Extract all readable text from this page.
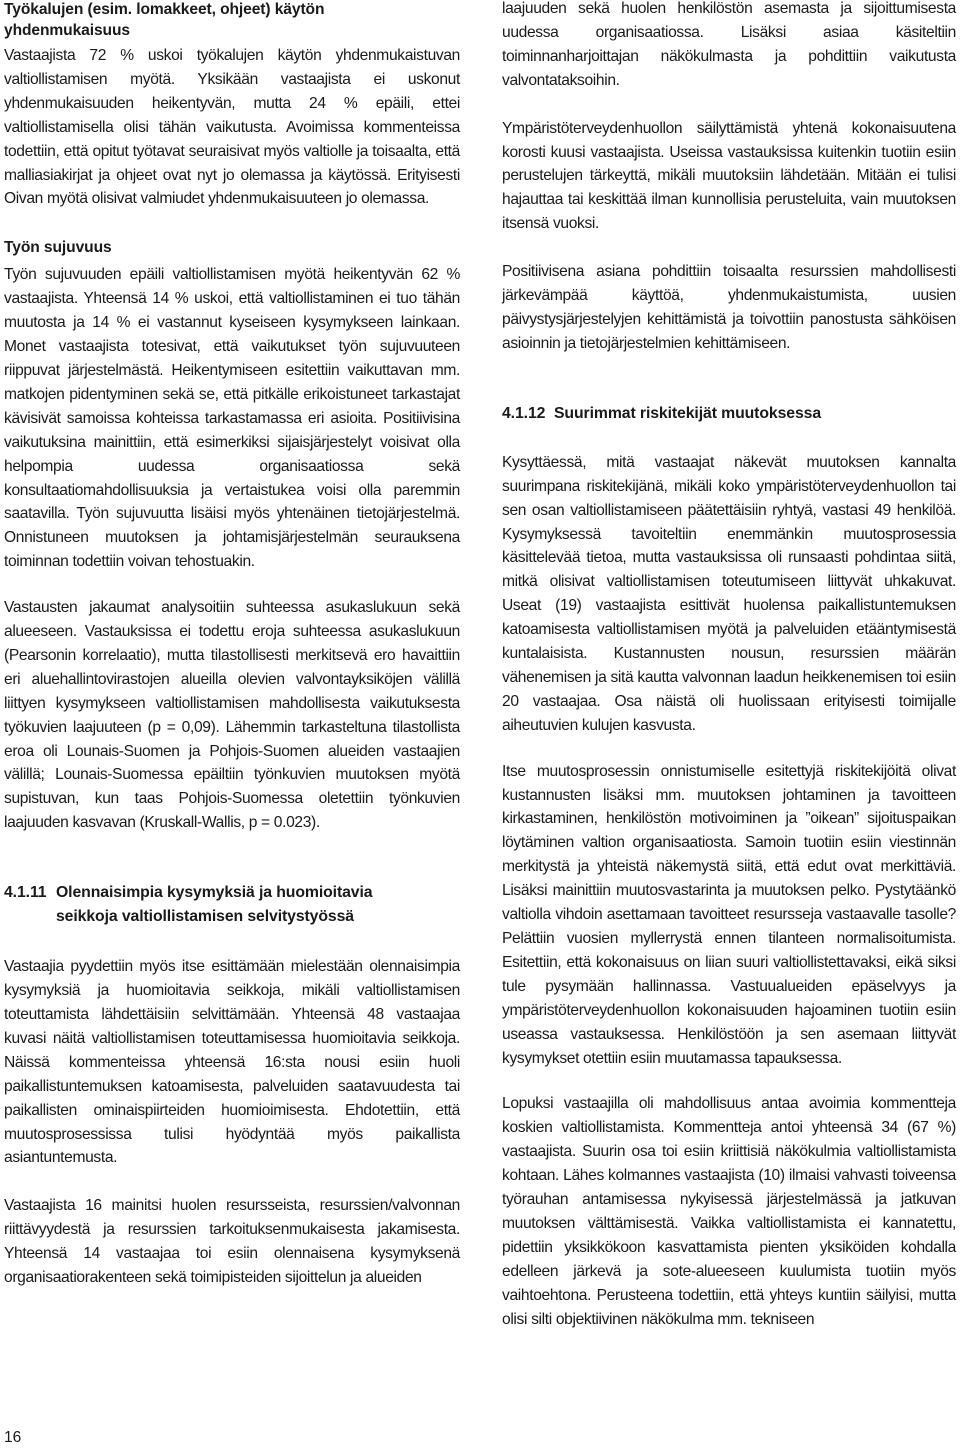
Työkalujen (esim. lomakkeet, ohjeet) käytön
yhdenmukaisuus

Vastaajista 72 % uskoi työkalujen käytön yhdenmukaistuvan valtiollistamisen myötä. Yksikään vastaajista ei uskonut yhdenmukaisuuden heikentyvän, mutta 24 % epäili, ettei valtiollistamisella olisi tähän vaikutusta. Avoimissa kommenteissa todettiin, että opitut työtavat seuraisivat myös valtiolle ja toisaalta, että malliasiakirjat ja ohjeet ovat nyt jo olemassa ja käytössä. Erityisesti Oivan myötä olisivat valmiudet yhdenmukaisuuteen jo olemassa.

Työn sujuvuus

Työn sujuvuuden epäili valtiollistamisen myötä heikentyvän 62 % vastaajista. Yhteensä 14 % uskoi, että valtiollistaminen ei tuo tähän muutosta ja 14 % ei vastannut kyseiseen kysymykseen lainkaan. Monet vastaajista totesivat, että vaikutukset työn sujuvuuteen riippuvat järjestelmästä. Heikentymiseen esitettiin vaikuttavan mm. matkojen pidentyminen sekä se, että pitkälle erikoistuneet tarkastajat kävisivät samoissa kohteissa tarkastamassa eri asioita. Positiivisina vaikutuksina mainittiin, että esimerkiksi sijaisjärjestelyt voisivat olla helpompia uudessa organisaatiossa sekä konsultaatiomahdollisuuksia ja vertaistukea voisi olla paremmin saatavilla. Työn sujuvuutta lisäisi myös yhtenäinen tietojärjestelmä. Onnistuneen muutoksen ja johtamisjärjestelmän seurauksena toiminnan todettiin voivan tehostuakin.

Vastausten jakaumat analysoitiin suhteessa asukaslukuun sekä alueeseen. Vastauksissa ei todettu eroja suhteessa asukaslukuun (Pearsonin korrelaatio), mutta tilastollisesti merkitsevä ero havaittiin eri aluehallintovirastojen alueilla olevien valvontayksiköjen välillä liittyen kysymykseen valtiollistamisen mahdollisesta vaikutuksesta työkuvien laajuuteen (p = 0,09). Lähemmin tarkasteltuna tilastollista eroa oli Lounais-Suomen ja Pohjois-Suomen alueiden vastaajien välillä; Lounais-Suomessa epäiltiin työnkuvien muutoksen myötä supistuvan, kun taas Pohjois-Suomessa oletettiin työnkuvien laajuuden kasvavan (Kruskall-Wallis, p = 0.023).

4.1.11 Olennaisimpia kysymyksiä ja huomioitavia
seikkoja valtiollistamisen selvitystyössä

Vastaajia pyydettiin myös itse esittämään mielestään olennaisimpia kysymyksiä ja huomioitavia seikkoja, mikäli valtiollistamisen toteuttamista lähdettäisiin selvittämään. Yhteensä 48 vastaajaa kuvasi näitä valtiollistamisen toteuttamisessa huomioitavia seikkoja. Näissä kommenteissa yhteensä 16:sta nousi esiin huoli paikallistuntemuksen katoamisesta, palveluiden saatavuudesta tai paikallisten ominaispiirteiden huomioimisesta. Ehdotettiin, että muutosprosessissa tulisi hyödyntää myös paikallista asiantuntemusta.

Vastaajista 16 mainitsi huolen resursseista, resurssien/valvonnan riittävyydestä ja resurssien tarkoituksenmukaisesta jakamisesta. Yhteensä 14 vastaajaa toi esiin olennaisena kysymyksenä organisaatiorakenteen sekä toimipisteiden sijoittelun ja alueiden

laajuuden sekä huolen henkilöstön asemasta ja sijoittumisesta uudessa organisaatiossa. Lisäksi asiaa käsiteltiin toiminnanharjoittajan näkökulmasta ja pohdittiin vaikutusta valvontataksoihin.

Ympäristöterveydenhuollon säilyttämistä yhtenä kokonaisuutena korosti kuusi vastaajista. Useissa vastauksissa kuitenkin tuotiin esiin perustelujen tärkeyttä, mikäli muutoksiin lähdetään. Mitään ei tulisi hajauttaa tai keskittää ilman kunnollisia perusteluita, vain muutoksen itsensä vuoksi.

Positiivisena asiana pohdittiin toisaalta resurssien mahdollisesti järkevämpää käyttöä, yhdenmukaistumista, uusien päivystysjärjestelyjen kehittämistä ja toivottiin panostusta sähköisen asioinnin ja tietojärjestelmien kehittämiseen.

4.1.12 Suurimmat riskitekijät muutoksessa

Kysyttäessä, mitä vastaajat näkevät muutoksen kannalta suurimpana riskitekijänä, mikäli koko ympäristöterveydenhuollon tai sen osan valtiollistamiseen päätettäisiin ryhtyä, vastasi 49 henkilöä. Kysymyksessä tavoiteltiin enemmänkin muutosprosessia käsittelevää tietoa, mutta vastauksissa oli runsaasti pohdintaa siitä, mitkä olisivat valtiollistamisen toteutumiseen liittyvät uhkakuvat. Useat (19) vastaajista esittivät huolensa paikallistuntemuksen katoamisesta valtiollistamisen myötä ja palveluiden etääntymisestä kuntalaisista. Kustannusten nousun, resurssien määrän vähenemisen ja sitä kautta valvonnan laadun heikkenemisen toi esiin 20 vastaajaa. Osa näistä oli huolissaan erityisesti toimijalle aiheutuvien kulujen kasvusta.

Itse muutosprosessin onnistumiselle esitettyjä riskitekijöitä olivat kustannusten lisäksi mm. muutoksen johtaminen ja tavoitteen kirkastaminen, henkilöstön motivoiminen ja ”oikean” sijoituspaikan löytäminen valtion organisaatiosta. Samoin tuotiin esiin viestinnän merkitystä ja yhteistä näkemystä siitä, että edut ovat merkittäviä. Lisäksi mainittiin muutosvastarinta ja muutoksen pelko. Pystytäänkö valtiolla vihdoin asettamaan tavoitteet resursseja vastaavalle tasolle? Pelättiin vuosien myllerrystä ennen tilanteen normalisoitumista. Esitettiin, että kokonaisuus on liian suuri valtiollistettavaksi, eikä siksi tule pysymään hallinnassa. Vastuualueiden epäselvyys ja ympäristöterveydenhuollon kokonaisuuden hajoaminen tuotiin esiin useassa vastauksessa. Henkilöstöön ja sen asemaan liittyvät kysymykset otettiin esiin muutamassa tapauksessa.

Lopuksi vastaajilla oli mahdollisuus antaa avoimia kommentteja koskien valtiollistamista. Kommentteja antoi yhteensä 34 (67 %) vastaajista. Suurin osa toi esiin kriittisiä näkökulmia valtiollistamista kohtaan. Lähes kolmannes vastaajista (10) ilmaisi vahvasti toiveensa työrauhan antamisessa nykyisessä järjestelmässä ja jatkuvan muutoksen välttämisestä. Vaikka valtiollistamista ei kannatettu, pidettiin yksikkökoon kasvattamista pienten yksiköiden kohdalla edelleen järkevä ja sote-alueeseen kuulumista tuotiin myös vaihtoehtona. Perusteena todettiin, että yhteys kuntiin säilyisi, mutta olisi silti objektiivinen näkökulma mm. tekniseen

16
